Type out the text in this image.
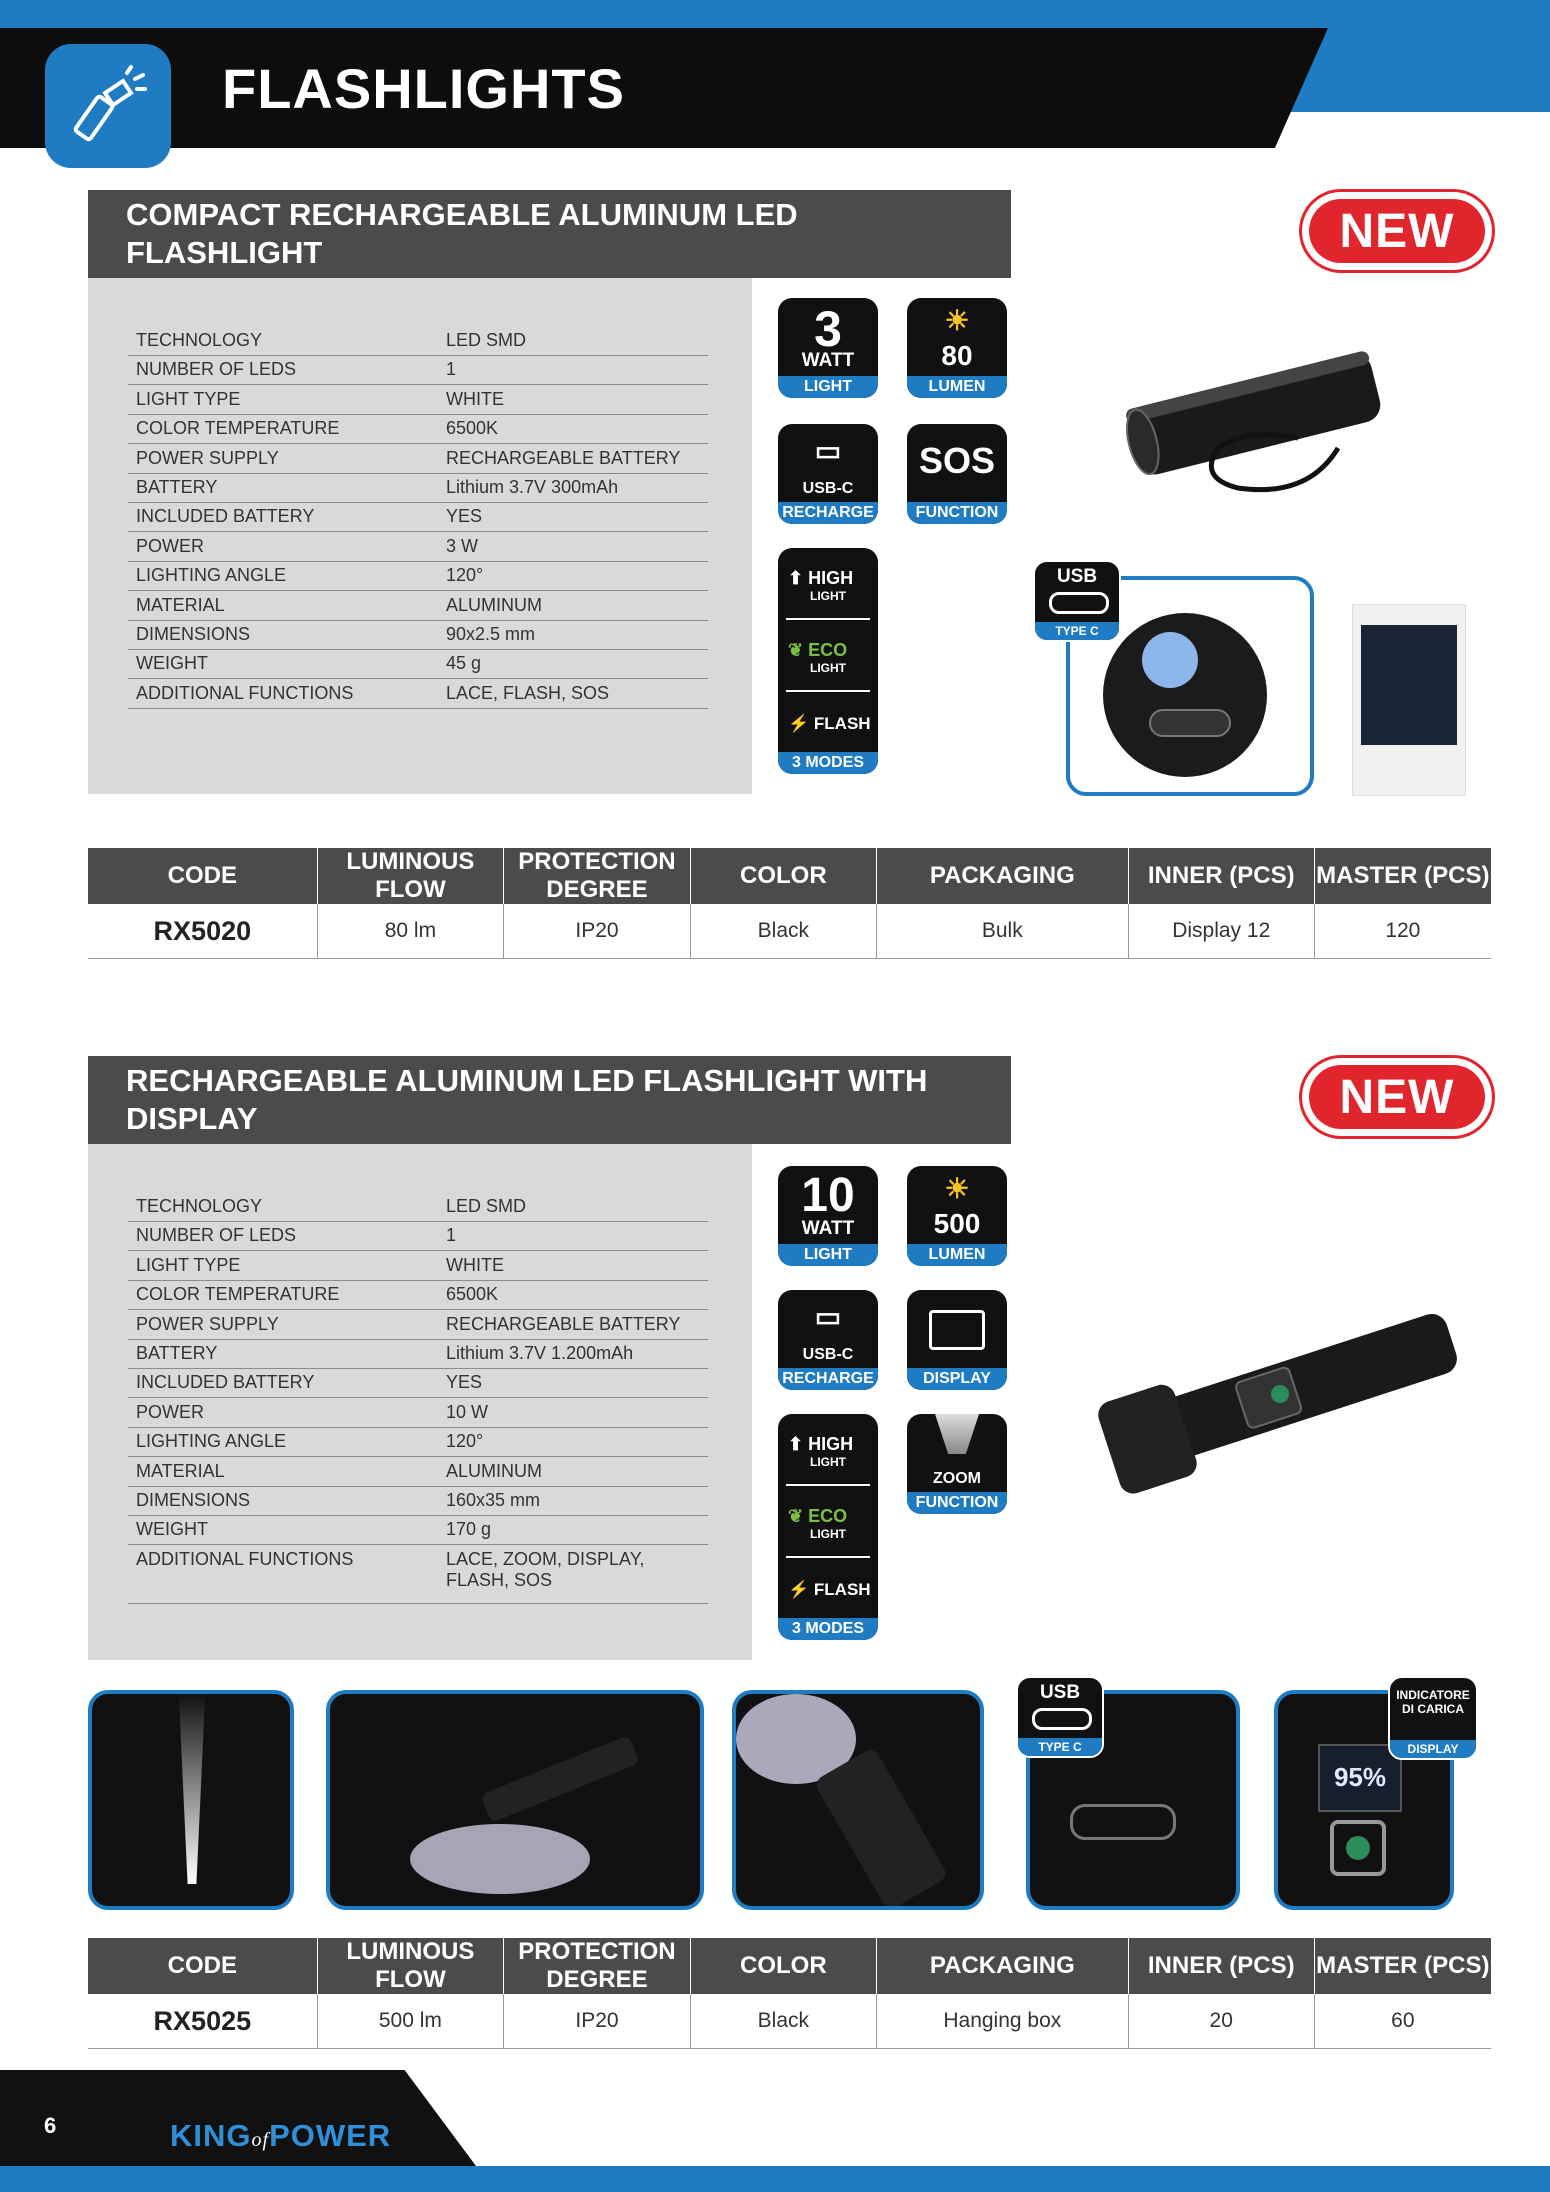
FLASHLIGHTS
COMPACT RECHARGEABLE ALUMINUM LED FLASHLIGHT
TECHNOLOGY	LED SMD
NUMBER OF LEDS	1
LIGHT TYPE	WHITE
COLOR TEMPERATURE	6500K
POWER SUPPLY	RECHARGEABLE BATTERY
BATTERY	Lithium 3.7V 300mAh
INCLUDED BATTERY	YES
POWER	3 W
LIGHTING ANGLE	120°
MATERIAL	ALUMINUM
DIMENSIONS	90x2.5 mm
WEIGHT	45 g
ADDITIONAL FUNCTIONS	LACE, FLASH, SOS
NEW
3
WATT
LIGHT
☀
80
LUMEN
▭
USB-C
RECHARGE
SOS
FUNCTION
⬆ HIGH
LIGHT
❦ ECO
LIGHT
⚡ FLASH
3 MODES
USB
TYPE C
CODE	LUMINOUS FLOW	PROTECTION DEGREE	COLOR	PACKAGING	INNER (PCS)	MASTER (PCS)
RX5020	80 lm	IP20	Black	Bulk	Display 12	120
RECHARGEABLE ALUMINUM LED FLASHLIGHT WITH DISPLAY
TECHNOLOGY	LED SMD
NUMBER OF LEDS	1
LIGHT TYPE	WHITE
COLOR TEMPERATURE	6500K
POWER SUPPLY	RECHARGEABLE BATTERY
BATTERY	Lithium 3.7V 1.200mAh
INCLUDED BATTERY	YES
POWER	10 W
LIGHTING ANGLE	120°
MATERIAL	ALUMINUM
DIMENSIONS	160x35 mm
WEIGHT	170 g
ADDITIONAL FUNCTIONS	LACE, ZOOM, DISPLAY, FLASH, SOS
NEW
10
WATT
LIGHT
☀
500
LUMEN
▭
USB-C
RECHARGE	DISPLAY
⬆ HIGH
LIGHT
❦ ECO
LIGHT
⚡ FLASH
3 MODES
ZOOM
FUNCTION
USB
TYPE C
95%
INDICATORE DI CARICA
DISPLAY
CODE	LUMINOUS FLOW	PROTECTION DEGREE	COLOR	PACKAGING	INNER (PCS)	MASTER (PCS)
RX5025	500 lm	IP20	Black	Hanging box	20	60
6	KINGofPOWER
